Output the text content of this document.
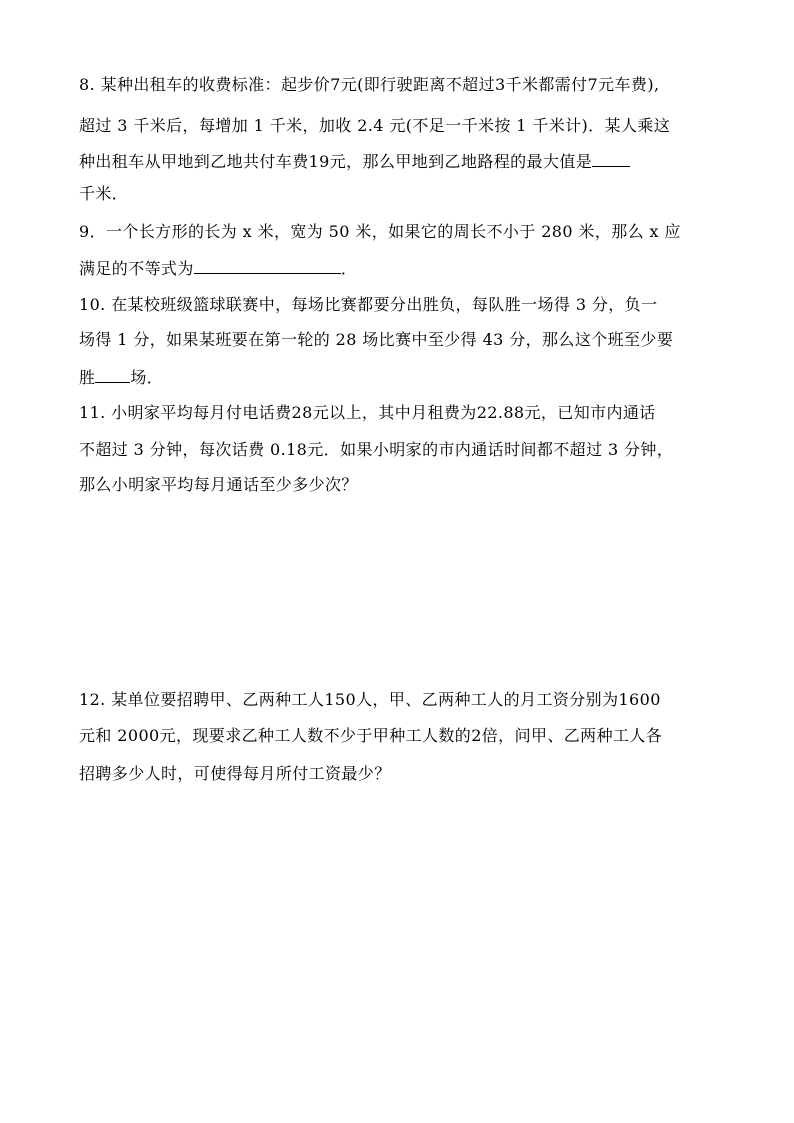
8. 某种出租车的收费标准：起步价7元(即行驶距离不超过3千米都需付7元车费),
超过 3 千米后，每增加 1 千米，加收 2.4 元(不足一千米按 1 千米计)．某人乘这
种出租车从甲地到乙地共付车费19元，那么甲地到乙地路程的最大值是
千米．
9．一个长方形的长为 x 米，宽为 50 米，如果它的周长不小于 280 米，那么 x 应
满足的不等式为	．
10. 在某校班级篮球联赛中，每场比赛都要分出胜负，每队胜一场得 3 分，负一
场得 1 分，如果某班要在第一轮的 28 场比赛中至少得 43 分，那么这个班至少要
胜 场．
11. 小明家平均每月付电话费28元以上，其中月租费为22.88元，已知市内通话
不超过 3 分钟，每次话费 0.18元．如果小明家的市内通话时间都不超过 3 分钟，
那么小明家平均每月通话至少多少次？
12. 某单位要招聘甲、乙两种工人150人，甲、乙两种工人的月工资分别为1600
元和 2000元，现要求乙种工人数不少于甲种工人数的2倍，问甲、乙两种工人各
招聘多少人时，可使得每月所付工资最少？
